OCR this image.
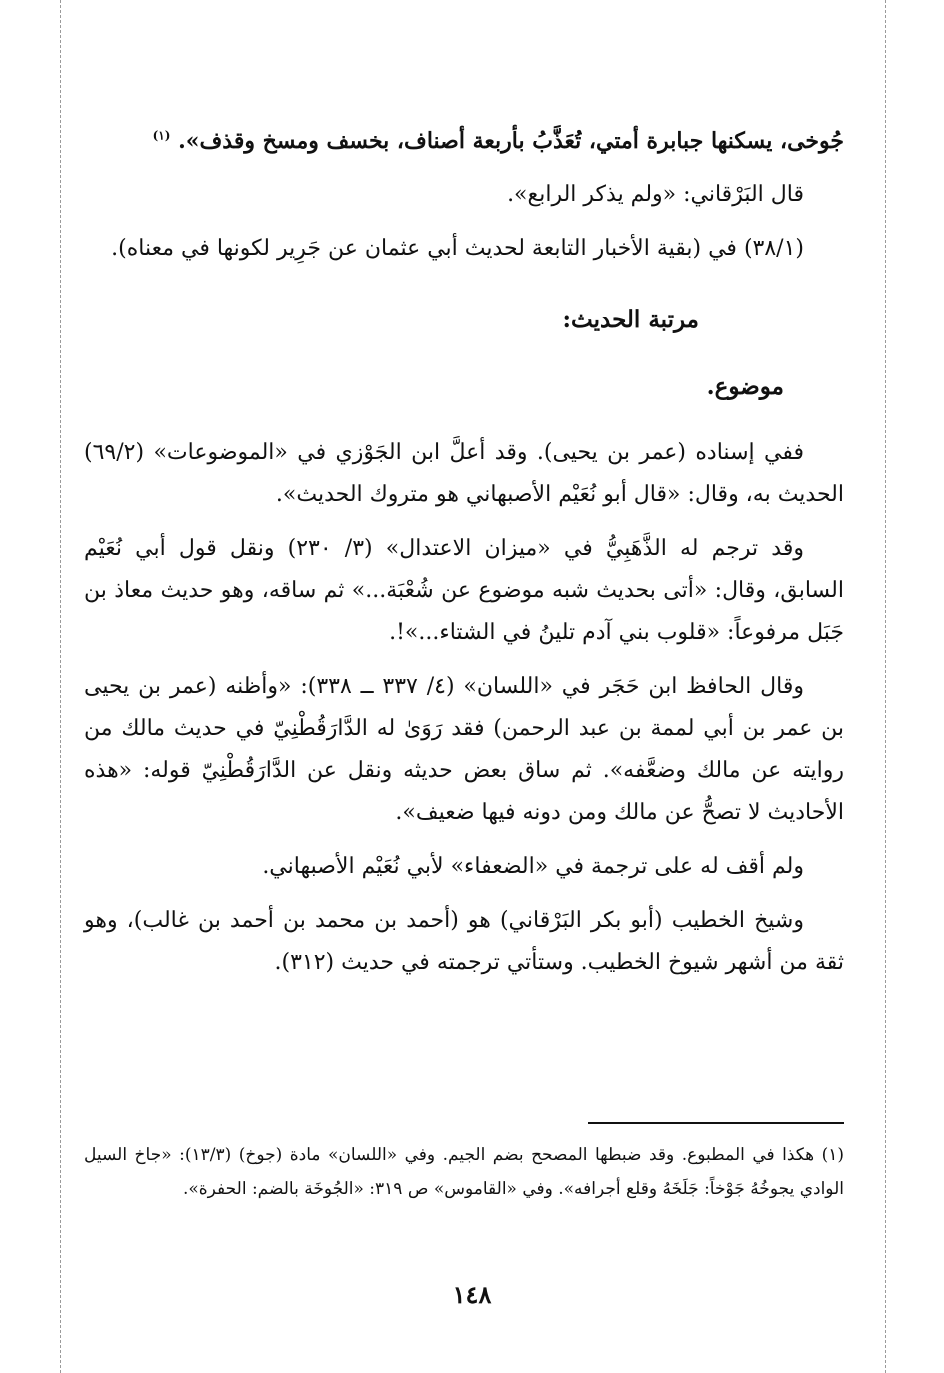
جُوخى، يسكنها جبابرة أمتي، تُعَذَّبُ بأربعة أصناف، بخسف ومسخ وقذف». $^{(١)}$

قال البَرْقاني: «ولم يذكر الرابع».

(٣٨/١) في (بقية الأخبار التابعة لحديث أبي عثمان عن جَرِير لكونها في معناه).

مرتبة الحديث:

موضوع.

ففي إسناده (عمر بن يحيى). وقد أعلَّ ابن الجَوْزي في «الموضوعات» (٦٩/٢) الحديث به، وقال: «قال أبو نُعَيْم الأصبهاني هو متروك الحديث».

وقد ترجم له الذَّهَبِيُّ في «ميزان الاعتدال» (٣/ ٢٣٠) ونقل قول أبي نُعَيْم السابق، وقال: «أتى بحديث شبه موضوع عن شُعْبَة...» ثم ساقه، وهو حديث معاذ بن جَبَل مرفوعاً: «قلوب بني آدم تلينُ في الشتاء...»!.

وقال الحافظ ابن حَجَر في «اللسان» (٤/ ٣٣٧ ــ ٣٣٨): «وأظنه (عمر بن يحيى بن عمر بن أبي لممة بن عبد الرحمن) فقد رَوَىٰ له الدَّارَقُطْنِيّ في حديث مالك من روايته عن مالك وضعَّفه». ثم ساق بعض حديثه ونقل عن الدَّارَقُطْنِيّ قوله: «هذه الأحاديث لا تصحُّ عن مالك ومن دونه فيها ضعيف».

ولم أقف له على ترجمة في «الضعفاء» لأبي نُعَيْم الأصبهاني.

وشيخ الخطيب (أبو بكر البَرْقاني) هو (أحمد بن محمد بن أحمد بن غالب)، وهو ثقة من أشهر شيوخ الخطيب. وستأتي ترجمته في حديث (٣١٢).

(١) هكذا في المطبوع. وقد ضبطها المصحح بضم الجيم. وفي «اللسان» مادة (جوخ) (١٣/٣): «جاخ السيل الوادي يجوخُهُ جَوْخاً: جَلَخَهُ وقلع أجرافه». وفي «القاموس» ص ٣١٩: «الجُوخَة بالضم: الحفرة».

١٤٨
